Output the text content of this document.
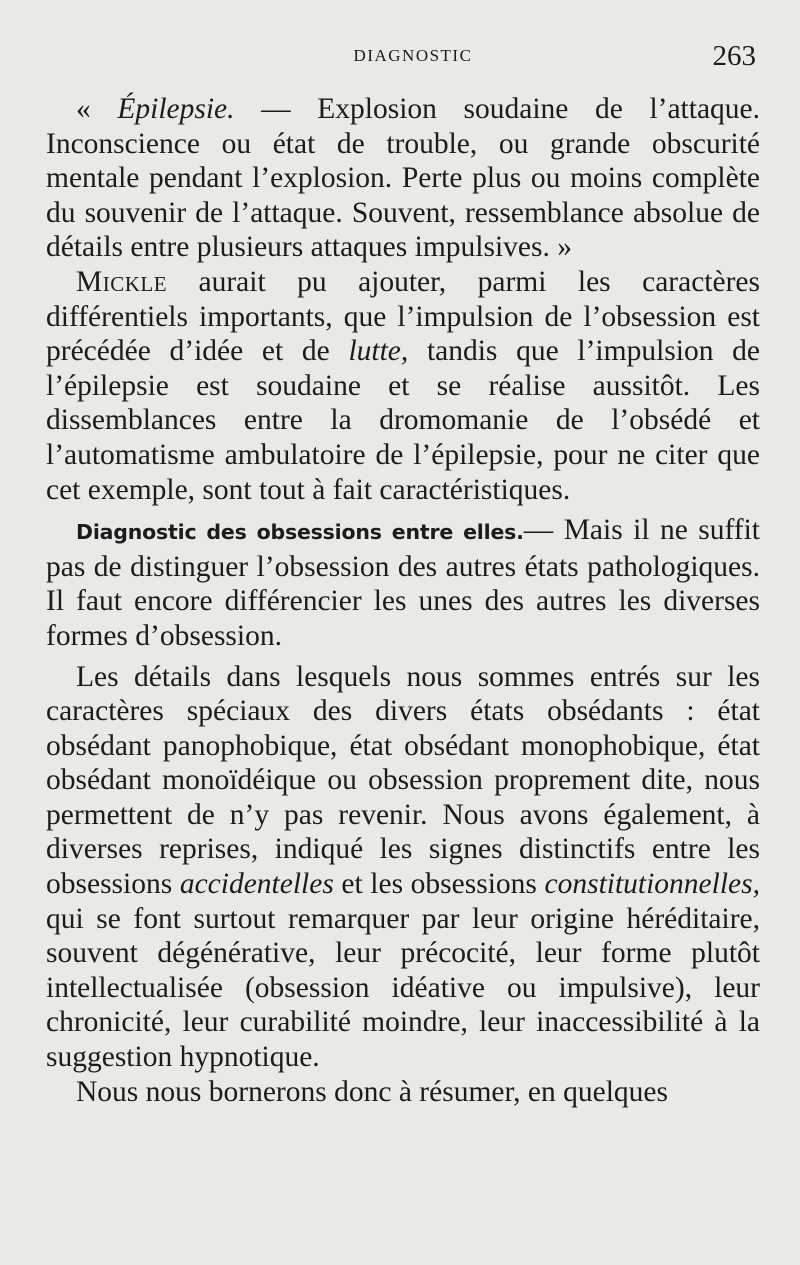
DIAGNOSTIC	263

« Épilepsie. — Explosion soudaine de l’attaque. Inconscience ou état de trouble, ou grande obscurité mentale pendant l’explosion. Perte plus ou moins complète du souvenir de l’attaque. Souvent, ressemblance absolue de détails entre plusieurs attaques impulsives. »

Mickle aurait pu ajouter, parmi les caractères différentiels importants, que l’impulsion de l’obsession est précédée d’idée et de lutte, tandis que l’impulsion de l’épilepsie est soudaine et se réalise aussitôt. Les dissemblances entre la dromomanie de l’obsédé et l’automatisme ambulatoire de l’épilepsie, pour ne citer que cet exemple, sont tout à fait caractéristiques.

Diagnostic des obsessions entre elles.— Mais il ne suffit pas de distinguer l’obsession des autres états pathologiques. Il faut encore différencier les unes des autres les diverses formes d’obsession.

Les détails dans lesquels nous sommes entrés sur les caractères spéciaux des divers états obsédants : état obsédant panophobique, état obsédant monophobique, état obsédant monoïdéique ou obsession proprement dite, nous permettent de n’y pas revenir. Nous avons également, à diverses reprises, indiqué les signes distinctifs entre les obsessions accidentelles et les obsessions constitutionnelles, qui se font surtout remarquer par leur origine héréditaire, souvent dégénérative, leur précocité, leur forme plutôt intellectualisée (obsession idéative ou impulsive), leur chronicité, leur curabilité moindre, leur inaccessibilité à la suggestion hypnotique.

Nous nous bornerons donc à résumer, en quelques
